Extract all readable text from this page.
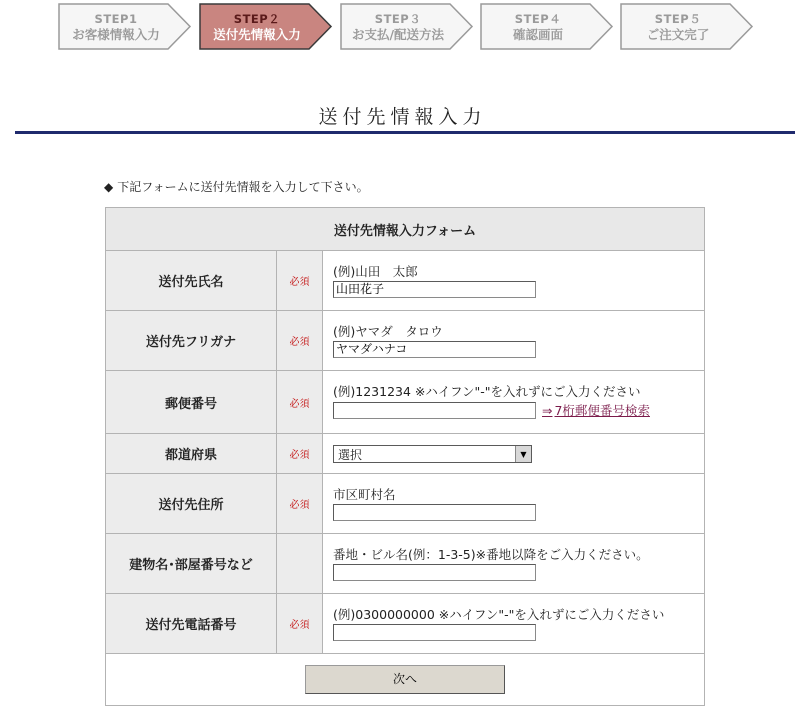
STEP1
お客様情報入力
STEP２
送付先情報入力
STEP３
お支払/配送方法
STEP４
確認画面
STEP５
ご注文完了
送付先情報入力
◆ 下記フォームに送付先情報を入力して下さい。
送付先情報入力フォーム		
送付先氏名	必須	(例)山田　太郎
山田花子

送付先フリガナ	必須	(例)ヤマダ　タロウ
ヤマダハナコ

郵便番号	必須	(例)1231234 ※ハイフン"-"を入れずにご入力ください
⇒ 7桁郵便番号検索

都道府県	必須	選択 ▼

送付先住所	必須	市区町村名

建物名･部屋番号など		番地・ビル名(例：1-3-5)※番地以降をご入力ください。

送付先電話番号	必須	(例)0300000000 ※ハイフン"-"を入れずにご入力ください

次へ		
